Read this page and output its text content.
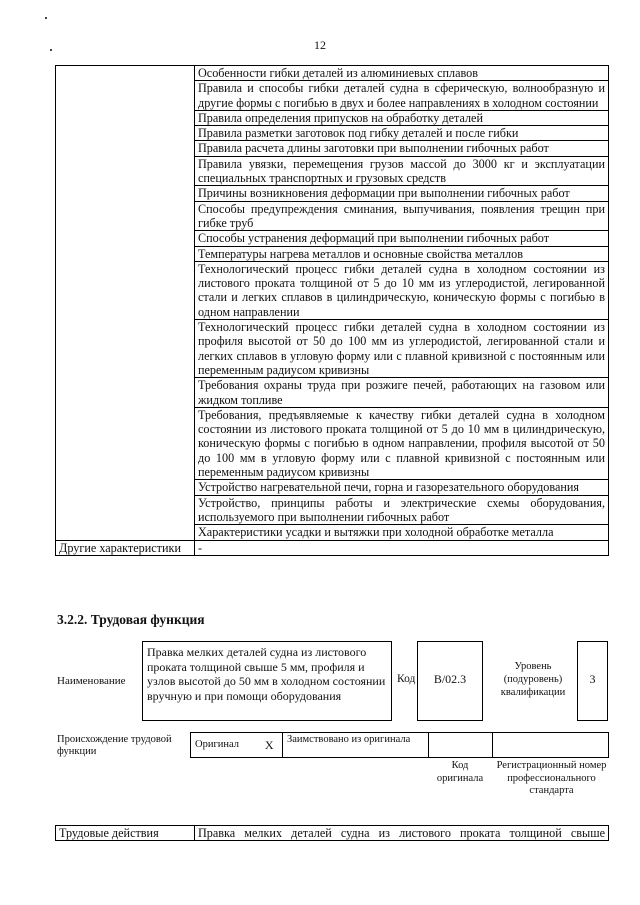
12
	Особенности гибки деталей из алюминиевых сплавов
	Правила и способы гибки деталей судна в сферическую, волнообразную и другие формы с погибью в двух и более направлениях в холодном состоянии
	Правила определения припусков на обработку деталей
	Правила разметки заготовок под гибку деталей и после гибки
	Правила расчета длины заготовки при выполнении гибочных работ
	Правила увязки, перемещения грузов массой до 3000 кг и эксплуатации специальных транспортных и грузовых средств
	Причины возникновения деформации при выполнении гибочных работ
	Способы предупреждения сминания, выпучивания, появления трещин при гибке труб
	Способы устранения деформаций при выполнении гибочных работ
	Температуры нагрева металлов и основные свойства металлов
	Технологический процесс гибки деталей судна в холодном состоянии из листового проката толщиной от 5 до 10 мм из углеродистой, легированной стали и легких сплавов в цилиндрическую, коническую формы с погибью в одном направлении
	Технологический процесс гибки деталей судна в холодном состоянии из профиля высотой от 50 до 100 мм из углеродистой, легированной стали и легких сплавов в угловую форму или с плавной кривизной с постоянным или переменным радиусом кривизны
	Требования охраны труда при розжиге печей, работающих на газовом или жидком топливе
	Требования, предъявляемые к качеству гибки деталей судна в холодном состоянии из листового проката толщиной от 5 до 10 мм в цилиндрическую, коническую формы с погибью в одном направлении, профиля высотой от 50 до 100 мм в угловую форму или с плавной кривизной с постоянным или переменным радиусом кривизны
	Устройство нагревательной печи, горна и газорезательного оборудования
	Устройство, принципы работы и электрические схемы оборудования, используемого при выполнении гибочных работ
	Характеристики усадки и вытяжки при холодной обработке металла
Другие характеристики	-
3.2.2. Трудовая функция
Наименование
Правка мелких деталей судна из листового проката толщиной свыше 5 мм, профиля и узлов высотой до 50 мм в холодном состоянии вручную и при помощи оборудования
Код	В/02.3
Уровень (подуровень) квалификации
3
Происхождение трудовой функции
Оригинал	X	Заимствовано из оригинала		
Код оригинала
Регистрационный номер профессионального стандарта
Трудовые действия	Правка мелких деталей судна из листового проката толщиной свыше
